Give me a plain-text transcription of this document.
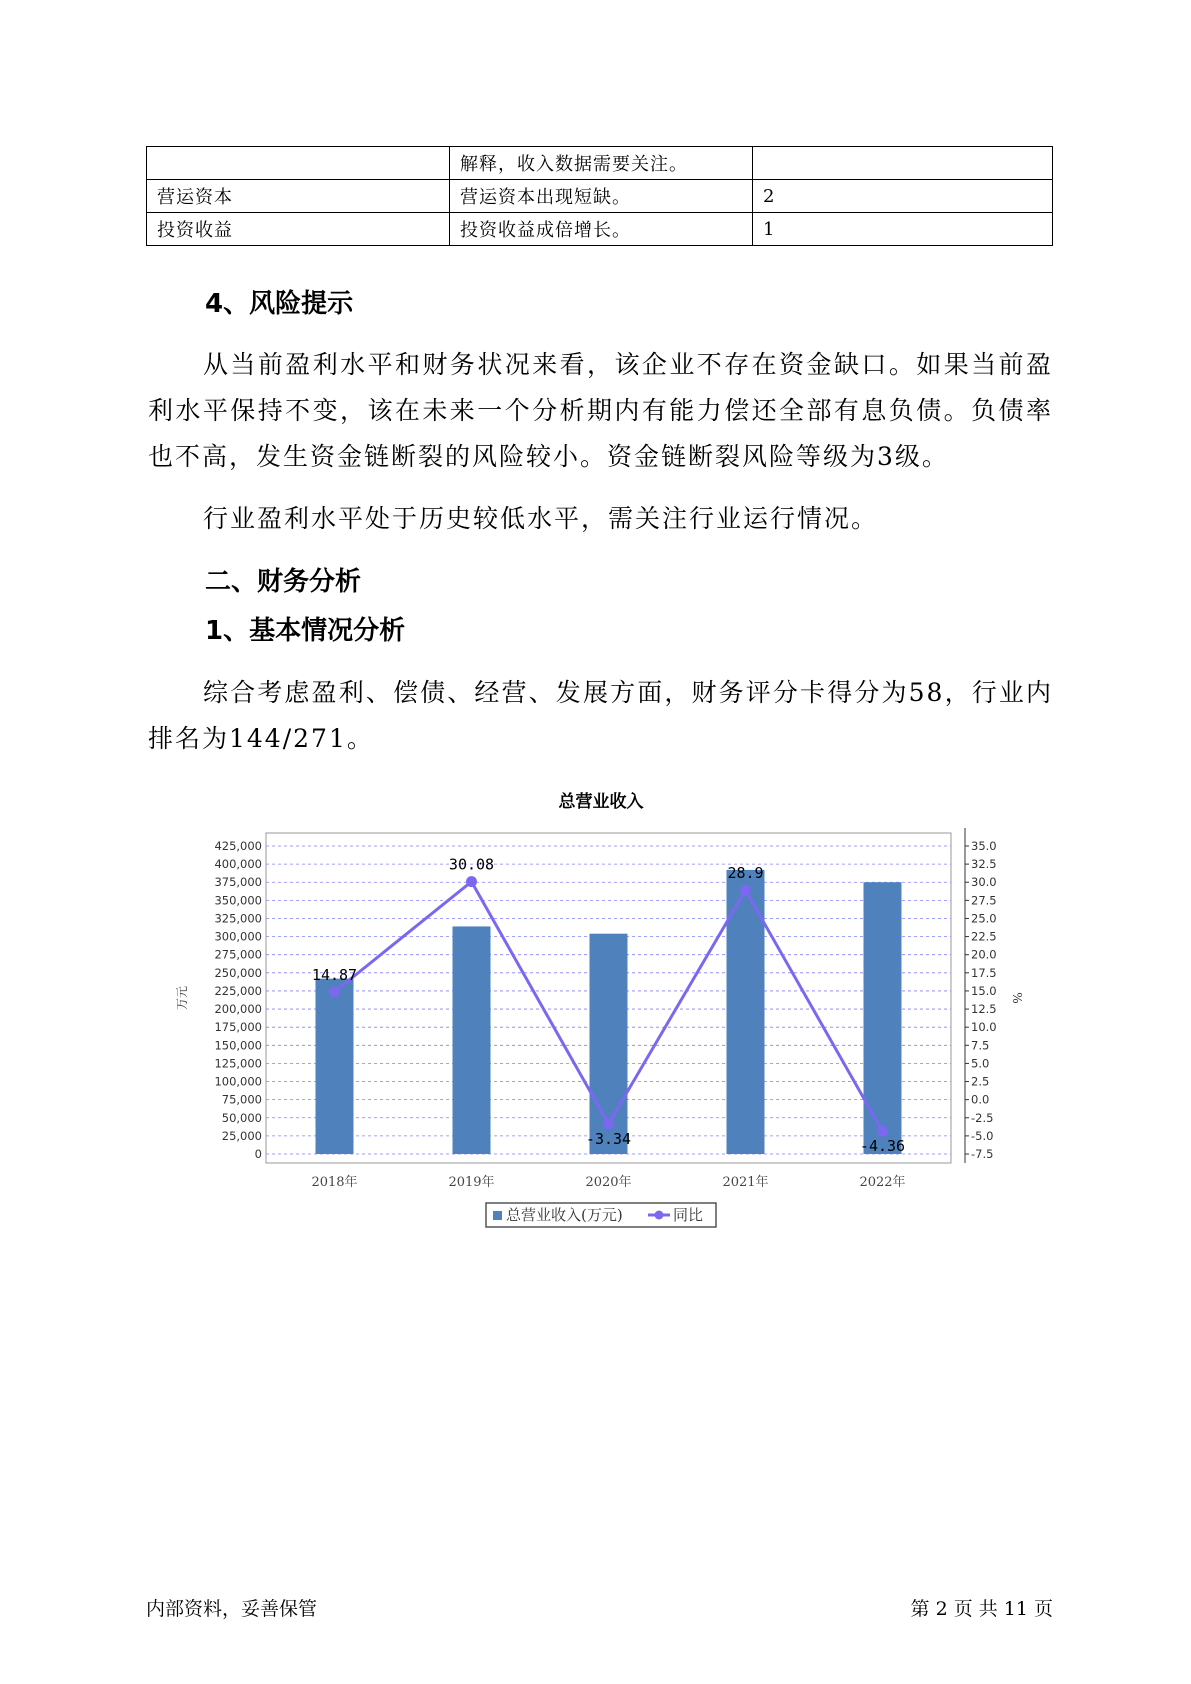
	解释，收入数据需要关注。	
营运资本	营运资本出现短缺。	2
投资收益	投资收益成倍增长。	1
4、风险提示
从当前盈利水平和财务状况来看，该企业不存在资金缺口。如果当前盈利水平保持不变，该在未来一个分析期内有能力偿还全部有息负债。负债率也不高，发生资金链断裂的风险较小。资金链断裂风险等级为3级。
行业盈利水平处于历史较低水平，需关注行业运行情况。
二、财务分析
1、基本情况分析
综合考虑盈利、偿债、经营、发展方面，财务评分卡得分为58，行业内排名为144/271。
总营业收入
0
25,000
50,000
75,000
100,000
125,000
150,000
175,000
200,000
225,000
250,000
275,000
300,000
325,000
350,000
375,000
400,000
425,000
-7.5
-5.0
-2.5
0.0
2.5
5.0
7.5
10.0
12.5
15.0
17.5
20.0
22.5
25.0
27.5
30.0
32.5
35.0
万元	%
2018年	2019年	2020年	2021年	2022年
14.87
30.08
-3.34
28.9
-4.36
总营业收入(万元)	同比
内部资料，妥善保管	第 2 页 共 11 页
